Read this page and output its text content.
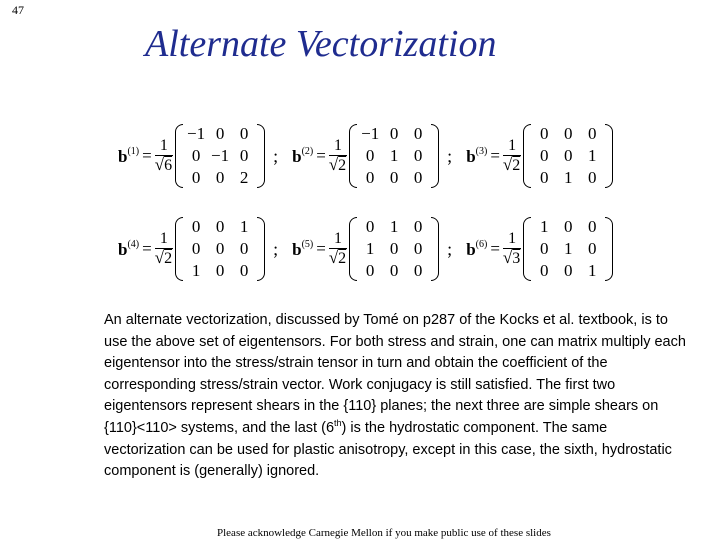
47
Alternate Vectorization
$b^{(1)} = \frac{1}{√6}$
−1 0 0
0 −1 0
0 0 2
; $b^{(2)} = \frac{1}{√2}$
−1 0 0
0 1 0
0 0 0
; $b^{(3)} = \frac{1}{√2}$
0 0 0
0 0 1
0 1 0
$b^{(4)} = \frac{1}{√2}$
0 0 1
0 0 0
1 0 0
; $b^{(5)} = \frac{1}{√2}$
0 1 0
1 0 0
0 0 0
; $b^{(6)} = \frac{1}{√3}$
1 0 0
0 1 0
0 0 1

An alternate vectorization, discussed by Tomé on p287 of the Kocks et al. textbook, is to use the above set of eigentensors. For both stress and strain, one can matrix multiply each eigentensor into the stress/strain tensor in turn and obtain the coefficient of the corresponding stress/strain vector. Work conjugacy is still satisfied. The first two eigentensors represent shears in the {110} planes; the next three are simple shears on {110}<110> systems, and the last (6th) is the hydrostatic component. The same vectorization can be used for plastic anisotropy, except in this case, the sixth, hydrostatic component is (generally) ignored.

Please acknowledge Carnegie Mellon if you make public use of these slides
